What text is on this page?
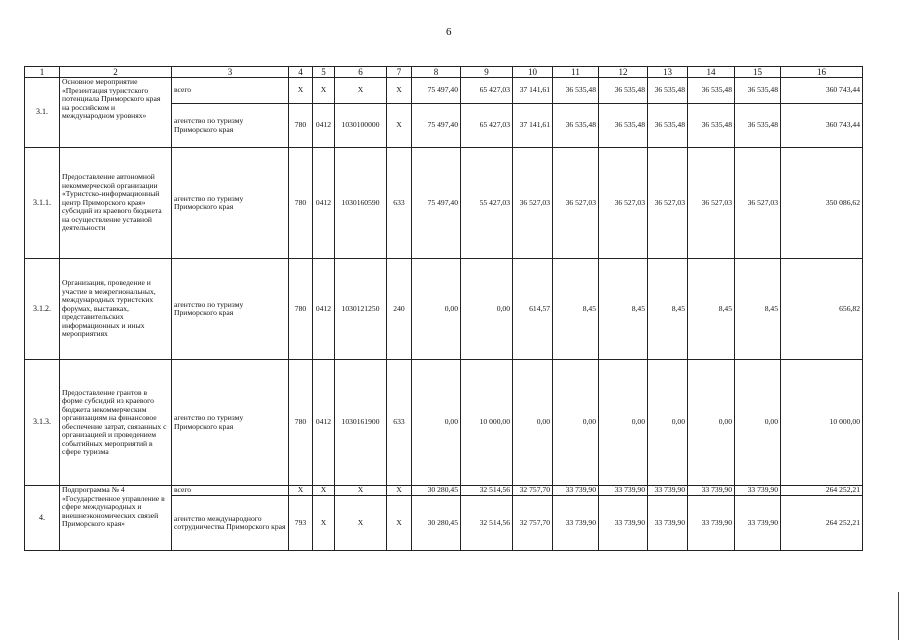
6
1	2	3	4	5	6	7	8	9	10	11	12	13	14	15	16
3.1.	Основное мероприятие «Презентация туристского потенциала Приморского края на российском и международном уровнях»	всего	X	X	X	X	75 497,40	65 427,03	37 141,61	36 535,48	36 535,48	36 535,48	36 535,48	36 535,48	360 743,44
		агентство по туризму Приморского края	780	0412	1030100000	X	75 497,40	65 427,03	37 141,61	36 535,48	36 535,48	36 535,48	36 535,48	36 535,48	360 743,44
3.1.1.	Предоставление автономной некоммерческой организации «Туристско-информационный центр Приморского края» субсидий из краевого бюджета на осуществление уставной деятельности	агентство по туризму Приморского края	780	0412	1030160590	633	75 497,40	55 427,03	36 527,03	36 527,03	36 527,03	36 527,03	36 527,03	36 527,03	350 086,62
3.1.2.	Организация, проведение и участие в межрегиональных, международных туристских форумах, выставках, представительских информационных и иных мероприятиях	агентство по туризму Приморского края	780	0412	1030121250	240	0,00	0,00	614,57	8,45	8,45	8,45	8,45	8,45	656,82
3.1.3.	Предоставление грантов в форме субсидий из краевого бюджета некоммерческим организациям на финансовое обеспечение затрат, связанных с организацией и проведением событийных мероприятий в сфере туризма	агентство по туризму Приморского края	780	0412	1030161900	633	0,00	10 000,00	0,00	0,00	0,00	0,00	0,00	0,00	10 000,00
4.	Подпрограмма № 4 «Государственное управление в сфере международных и внешнеэкономических связей Приморского края»	всего	X	X	X	X	30 280,45	32 514,56	32 757,70	33 739,90	33 739,90	33 739,90	33 739,90	33 739,90	264 252,21
		агентство международного сотрудничества Приморского края	793	X	X	X	30 280,45	32 514,56	32 757,70	33 739,90	33 739,90	33 739,90	33 739,90	33 739,90	264 252,21
